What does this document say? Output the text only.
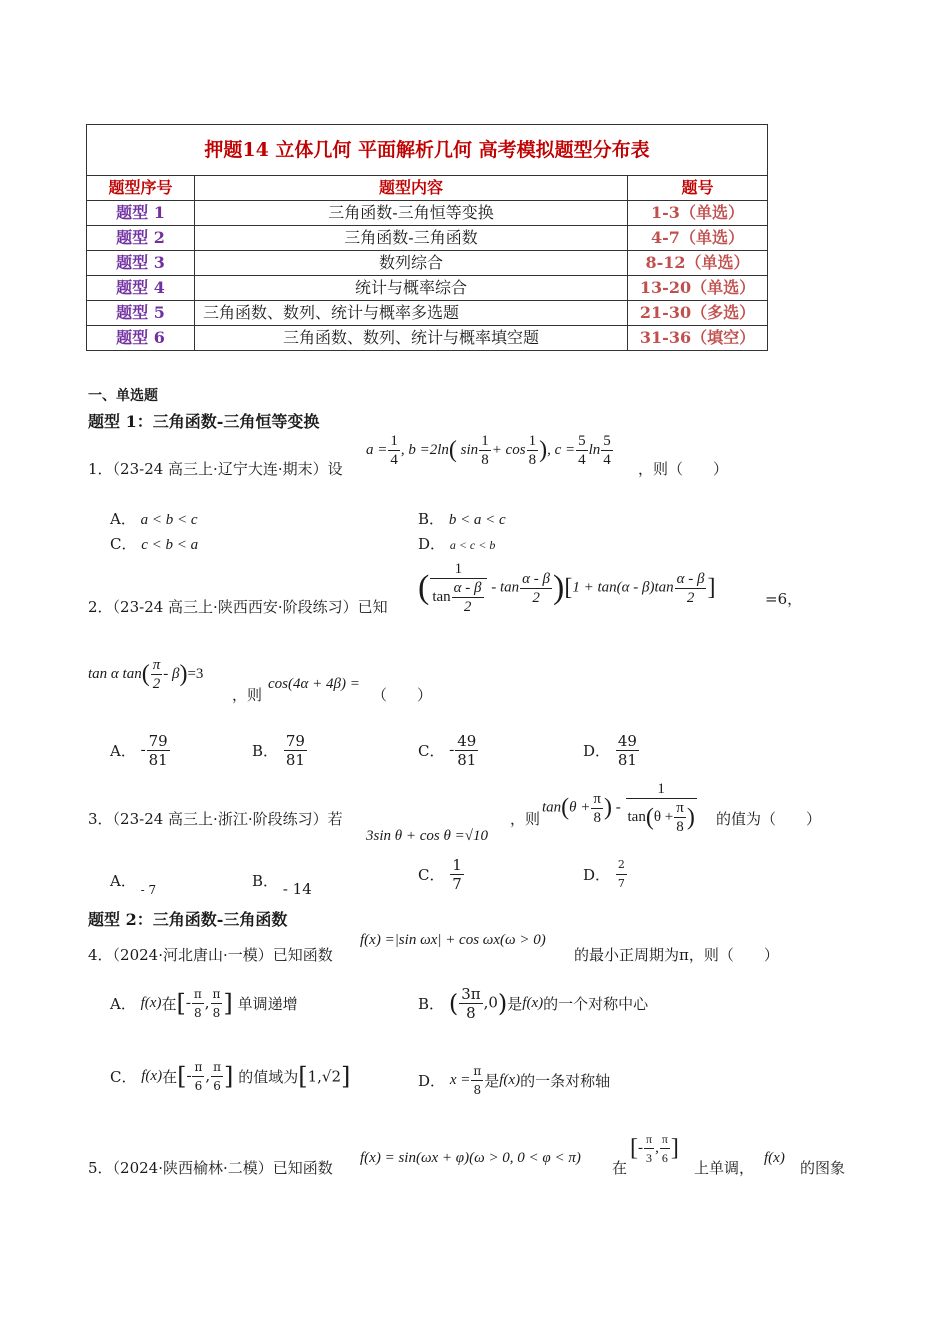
押题14 立体几何 平面解析几何 高考模拟题型分布表		
题型序号	题型内容	题号
题型 1	三角函数-三角恒等变换	1-3（单选）
题型 2	三角函数-三角函数	4-7（单选）
题型 3	数列综合	8-12（单选）
题型 4	统计与概率综合	13-20（单选）
题型 5	三角函数、数列、统计与概率多选题	21-30（多选）
题型 6	三角函数、数列、统计与概率填空题	31-36（填空）
一、单选题
题型 1：三角函数-三角恒等变换
1．（23-24 高三上·辽宁大连·期末）设
$a = \frac{1}{4}$ , b =2ln( $\sin \frac{1}{8} + \cos \frac{1}{8}$ ), $c = \frac{5}{4}$ $\ln \frac{5}{4}$ ，则（　　）
A． a < b < c	B． b < a < c
C． c < b < a	D． a < c < b
2．（23-24 高三上·陕西西安·阶段练习）已知
( $\frac{1}{\tan \frac{\alpha - \beta}{2}} - \tan \frac{\alpha - \beta}{2} )[1 + \tan(\alpha - \beta)\tan \frac{\alpha - \beta}{2}$ ]	=6，
tan α $\tan( \frac{\pi}{2} - \beta)=3$
，则
cos(4α + 4β) =
（　　）
A． - $\frac{79}{81}$	B． $\frac{79}{81}$	C． - $\frac{49}{81}$	D． $\frac{49}{81}$
3．（23-24 高三上·浙江·阶段练习）若
3sin θ + cos θ =√10
，则
$\tan(\theta + \frac{\pi}{8}$ ) - $\frac{1}{\tan(\theta + \frac{\pi}{8} )}$ 的值为（　　）
A． $_{- 7}$	B． - 14
C． $\frac{1}{7}$	D． $\frac{2}{7}$
题型 2：三角函数-三角函数
4．（2024·河北唐山·一模）已知函数
f(x) =|sin ωx| + cos ωx(ω > 0)
的最小正周期为π，则（　　）
A． f(x)在[- $\frac{\pi}{8}$ , $\frac{\pi}{8}$ ] 单调递增	B． ( $\frac{3\pi}{8} ,0$)是f(x)的一个对称中心
C． f(x)在[- $\frac{\pi}{6}$ , $\frac{\pi}{6}$ ] 的值域为[1,√2]	D． $x = \frac{\pi}{8}$ 是f(x)的一条对称轴
5．（2024·陕西榆林·二模）已知函数
f(x) = sin(ωx + φ)(ω > 0, 0 < φ < π)
在
[- $\frac{\pi}{3}$ , $\frac{\pi}{6}$ ]
上单调，
f(x)
的图象
